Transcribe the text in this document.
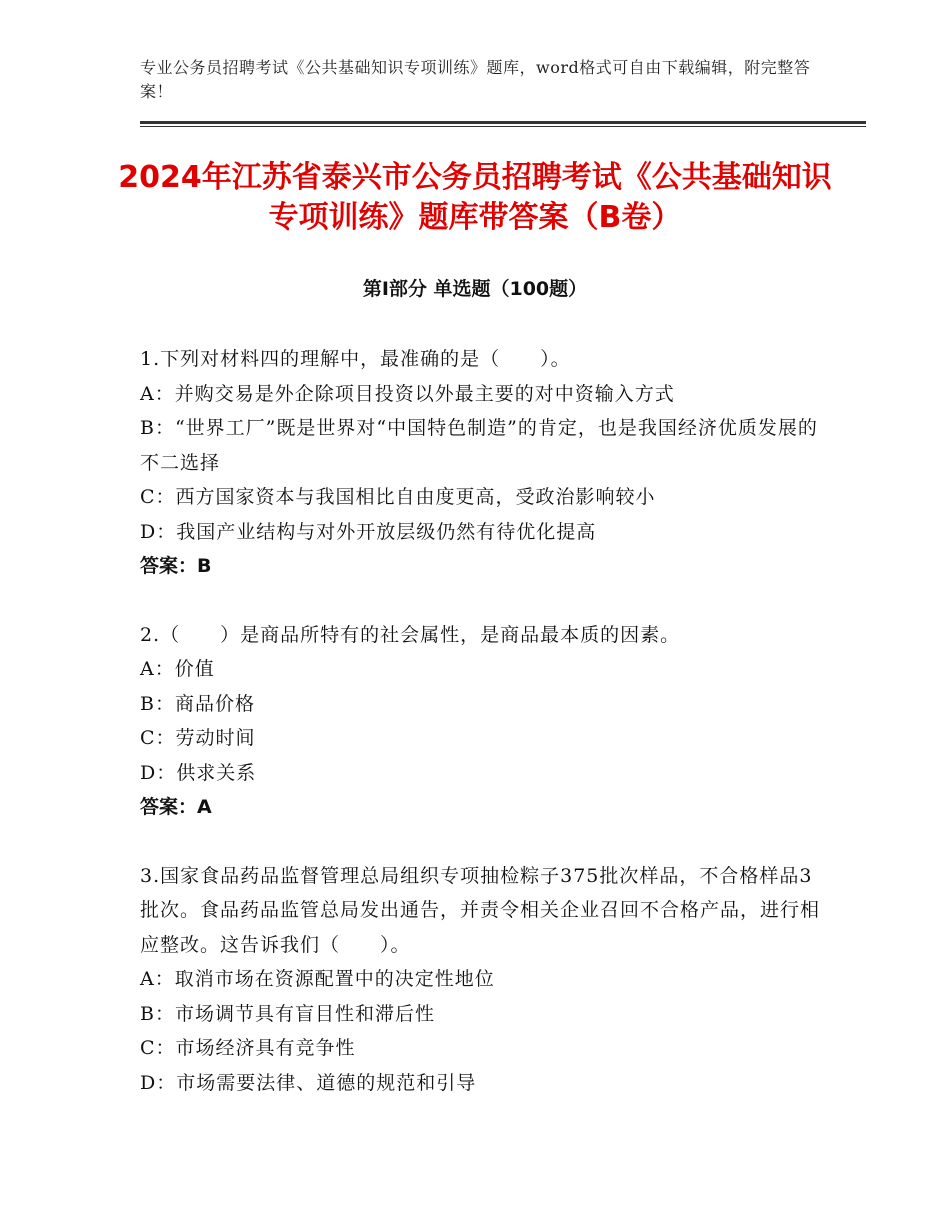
专业公务员招聘考试《公共基础知识专项训练》题库，word格式可自由下载编辑，附完整答案！
2024年江苏省泰兴市公务员招聘考试《公共基础知识专项训练》题库带答案（B卷）
第Ⅰ部分 单选题（100题）
1.下列对材料四的理解中，最准确的是（　　）。
A：并购交易是外企除项目投资以外最主要的对中资输入方式
B：“世界工厂”既是世界对“中国特色制造”的肯定，也是我国经济优质发展的不二选择
C：西方国家资本与我国相比自由度更高，受政治影响较小
D：我国产业结构与对外开放层级仍然有待优化提高
答案：B
2.（　　）是商品所特有的社会属性，是商品最本质的因素。
A：价值
B：商品价格
C：劳动时间
D：供求关系
答案：A
3.国家食品药品监督管理总局组织专项抽检粽子375批次样品，不合格样品3批次。食品药品监管总局发出通告，并责令相关企业召回不合格产品，进行相应整改。这告诉我们（　　）。
A：取消市场在资源配置中的决定性地位
B：市场调节具有盲目性和滞后性
C：市场经济具有竞争性
D：市场需要法律、道德的规范和引导
